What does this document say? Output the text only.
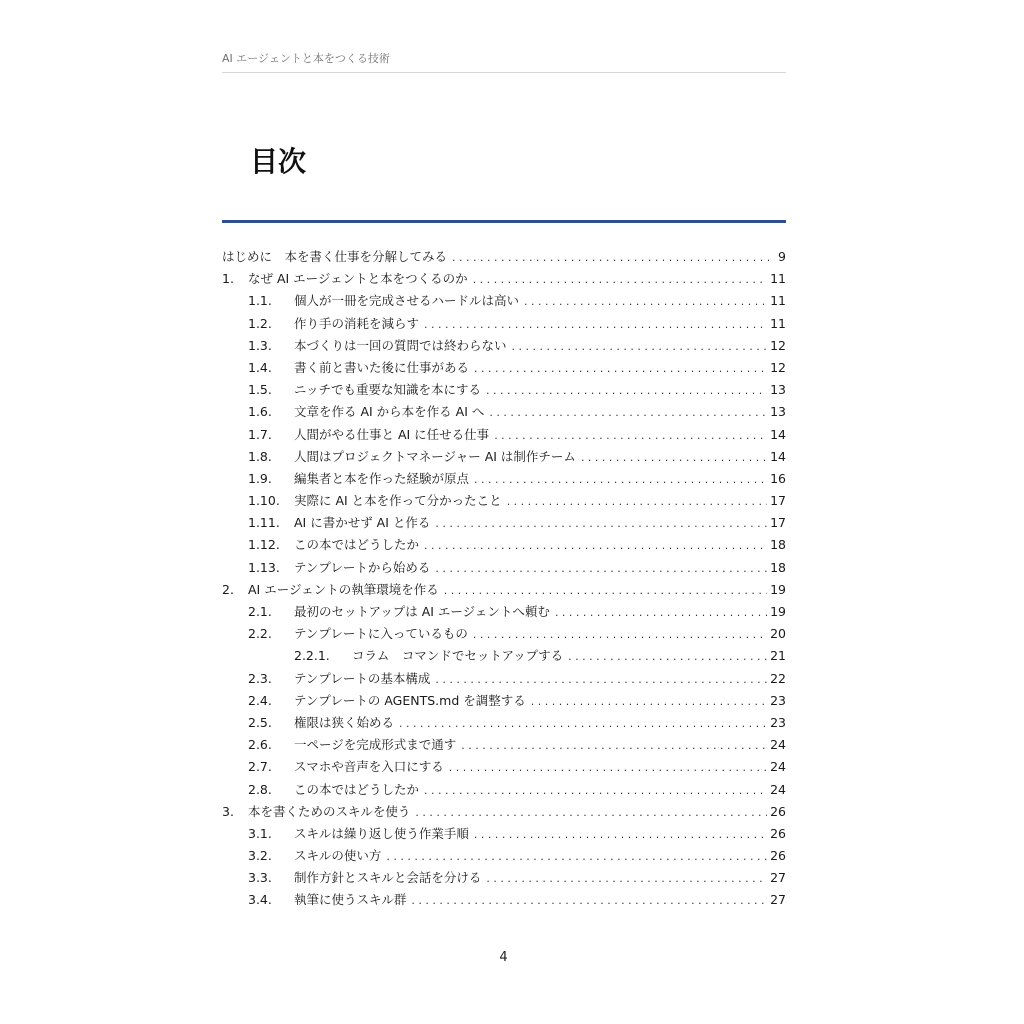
AI エージェントと本をつくる技術
目次
はじめに　本を書く仕事を分解してみる . . .	9
1.	なぜ AI エージェントと本をつくるのか . . .	11
1.1.	個人が一冊を完成させるハードルは高い . . .	11
1.2.	作り手の消耗を減らす . . .	11
1.3.	本づくりは一回の質問では終わらない . . .	12
1.4.	書く前と書いた後に仕事がある . . .	12
1.5.	ニッチでも重要な知識を本にする . . .	13
1.6.	文章を作る AI から本を作る AI へ . . .	13
1.7.	人間がやる仕事と AI に任せる仕事 . . .	14
1.8.	人間はプロジェクトマネージャー AI は制作チーム . . .	14
1.9.	編集者と本を作った経験が原点 . . .	16
1.10.	実際に AI と本を作って分かったこと . . .	17
1.11.	AI に書かせず AI と作る . . .	17
1.12.	この本ではどうしたか . . .	18
1.13.	テンプレートから始める . . .	18
2.	AI エージェントの執筆環境を作る . . .	19
2.1.	最初のセットアップは AI エージェントへ頼む . . .	19
2.2.	テンプレートに入っているもの . . .	20
2.2.1.	コラム　コマンドでセットアップする . . .	21
2.3.	テンプレートの基本構成 . . .	22
2.4.	テンプレートの AGENTS.md を調整する . . .	23
2.5.	権限は狭く始める . . .	23
2.6.	一ページを完成形式まで通す . . .	24
2.7.	スマホや音声を入口にする . . .	24
2.8.	この本ではどうしたか . . .	24
3.	本を書くためのスキルを使う . . .	26
3.1.	スキルは繰り返し使う作業手順 . . .	26
3.2.	スキルの使い方 . . .	26
3.3.	制作方針とスキルと会話を分ける . . .	27
3.4.	執筆に使うスキル群 . . .	27
4
